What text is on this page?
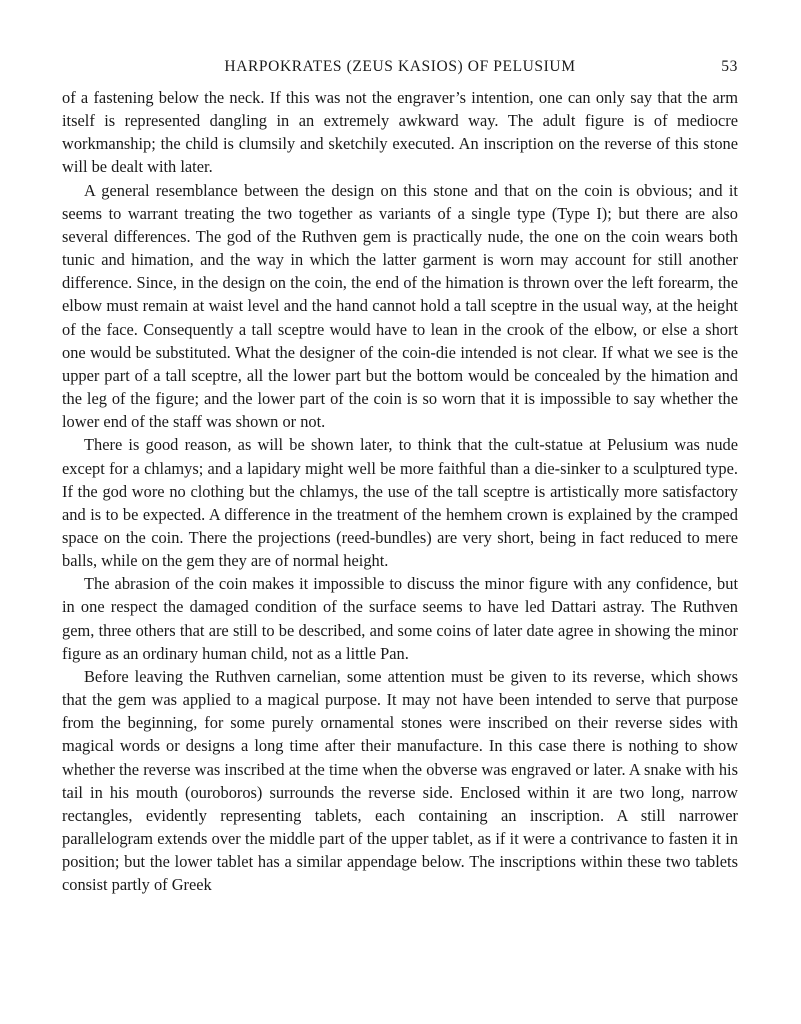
HARPOKRATES (ZEUS KASIOS) OF PELUSIUM	53

of a fastening below the neck. If this was not the engraver’s intention, one can only say that the arm itself is represented dangling in an extremely awkward way. The adult figure is of mediocre workmanship; the child is clumsily and sketchily executed. An inscription on the reverse of this stone will be dealt with later.

A general resemblance between the design on this stone and that on the coin is obvious; and it seems to warrant treating the two together as variants of a single type (Type I); but there are also several differences. The god of the Ruthven gem is practically nude, the one on the coin wears both tunic and himation, and the way in which the latter garment is worn may account for still another difference. Since, in the design on the coin, the end of the himation is thrown over the left forearm, the elbow must remain at waist level and the hand cannot hold a tall sceptre in the usual way, at the height of the face. Consequently a tall sceptre would have to lean in the crook of the elbow, or else a short one would be substituted. What the designer of the coin-die intended is not clear. If what we see is the upper part of a tall sceptre, all the lower part but the bottom would be concealed by the himation and the leg of the figure; and the lower part of the coin is so worn that it is impossible to say whether the lower end of the staff was shown or not.

There is good reason, as will be shown later, to think that the cult-statue at Pelusium was nude except for a chlamys; and a lapidary might well be more faithful than a die-sinker to a sculptured type. If the god wore no clothing but the chlamys, the use of the tall sceptre is artistically more satisfactory and is to be expected. A difference in the treatment of the hemhem crown is explained by the cramped space on the coin. There the projections (reed-bundles) are very short, being in fact reduced to mere balls, while on the gem they are of normal height.

The abrasion of the coin makes it impossible to discuss the minor figure with any confidence, but in one respect the damaged condition of the surface seems to have led Dattari astray. The Ruthven gem, three others that are still to be described, and some coins of later date agree in showing the minor figure as an ordinary human child, not as a little Pan.

Before leaving the Ruthven carnelian, some attention must be given to its reverse, which shows that the gem was applied to a magical purpose. It may not have been intended to serve that purpose from the beginning, for some purely ornamental stones were inscribed on their reverse sides with magical words or designs a long time after their manufacture. In this case there is nothing to show whether the reverse was inscribed at the time when the obverse was engraved or later. A snake with his tail in his mouth (ouroboros) surrounds the reverse side. Enclosed within it are two long, narrow rectangles, evidently representing tablets, each containing an inscription. A still narrower parallelogram extends over the middle part of the upper tablet, as if it were a contrivance to fasten it in position; but the lower tablet has a similar appendage below. The inscriptions within these two tablets consist partly of Greek
